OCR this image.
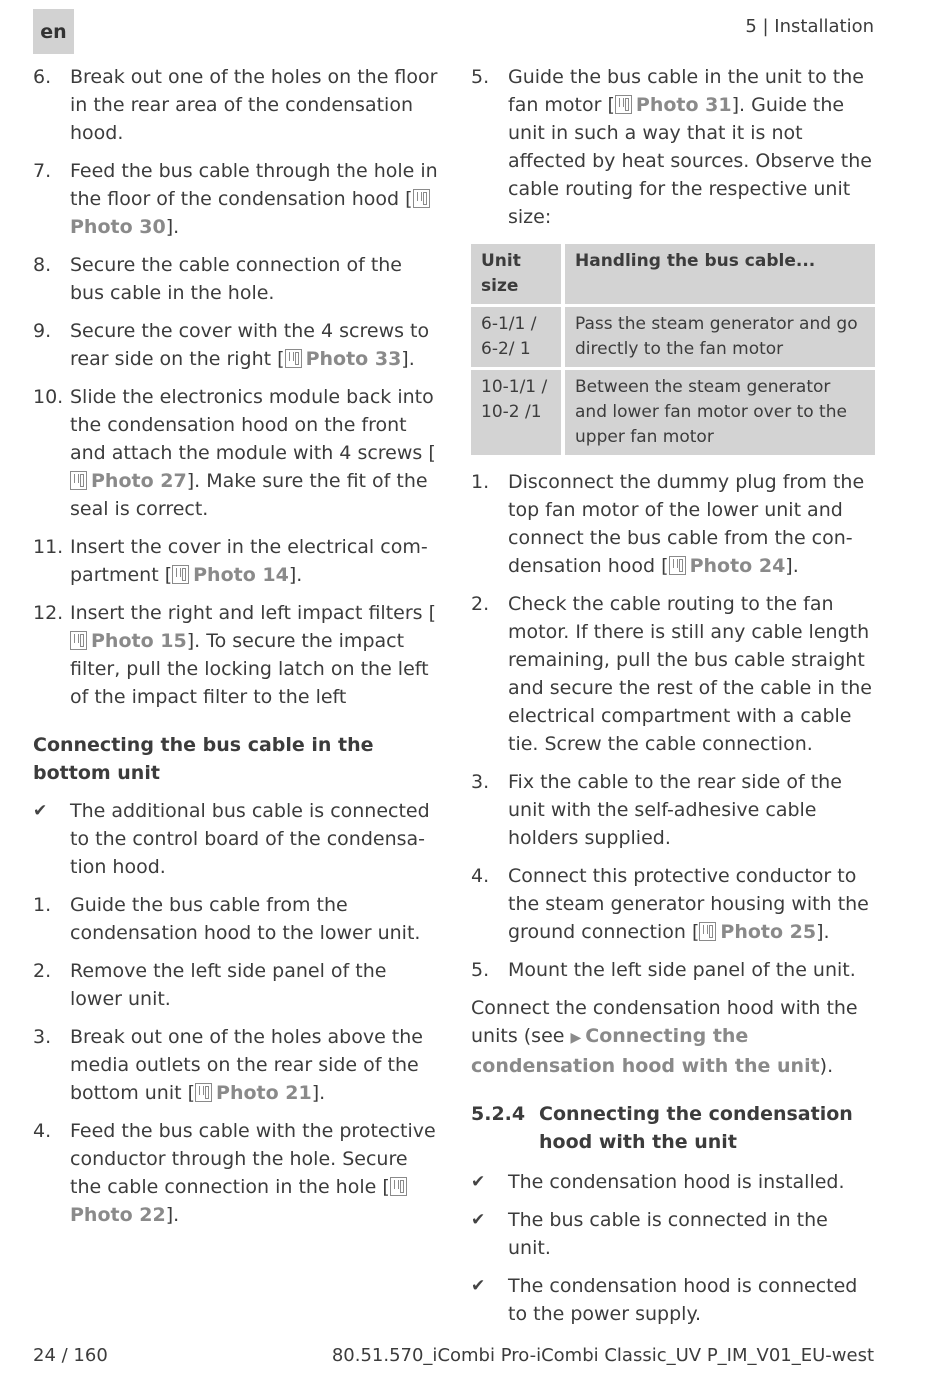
en	5 | Installation
6. Break out one of the holes on the floor in the rear area of the condensation hood.
7. Feed the bus cable through the hole in the floor of the condensation hood [Photo 30].
8. Secure the cable connection of the bus cable in the hole.
9. Secure the cover with the 4 screws to rear side on the right [ Photo 33].
10. Slide the electronics module back into the condensation hood on the front and attach the module with 4 screws [Photo 27]. Make sure the fit of the seal is correct.
11. Insert the cover in the electrical compartment [ Photo 14].
12. Insert the right and left impact filters [Photo 15]. To secure the impact filter, pull the locking latch on the left of the impact filter to the left
Connecting the bus cable in the bottom unit
✔	The additional bus cable is connected to the control board of the condensation hood.
1. Guide the bus cable from the condensation hood to the lower unit.
2. Remove the left side panel of the lower unit.
3. Break out one of the holes above the media outlets on the rear side of the bottom unit [ Photo 21].
4. Feed the bus cable with the protective conductor through the hole. Secure the cable connection in the hole [Photo 22].
5. Guide the bus cable in the unit to the fan motor [ Photo 31]. Guide the unit in such a way that it is not affected by heat sources. Observe the cable routing for the respective unit size:
Unit size	Handling the bus cable...
6-1/1 / 6-2/ 1	Pass the steam generator and go directly to the fan motor
10-1/1 / 10-2 /1	Between the steam generator and lower fan motor over to the upper fan motor
1. Disconnect the dummy plug from the top fan motor of the lower unit and connect the bus cable from the condensation hood [ Photo 24].
2. Check the cable routing to the fan motor. If there is still any cable length remaining, pull the bus cable straight and secure the rest of the cable in the electrical compartment with a cable tie. Screw the cable connection.
3. Fix the cable to the rear side of the unit with the self-adhesive cable holders supplied.
4. Connect this protective conductor to the steam generator housing with the ground connection [ Photo 25].
5. Mount the left side panel of the unit.
Connect the condensation hood with the units (see ▶ Connecting the condensation hood with the unit).
5.2.4 Connecting the condensation hood with the unit
✔	The condensation hood is installed.
✔	The bus cable is connected in the unit.
✔	The condensation hood is connected to the power supply.
24 / 160	80.51.570_iCombi Pro-iCombi Classic_UV P_IM_V01_EU-west
